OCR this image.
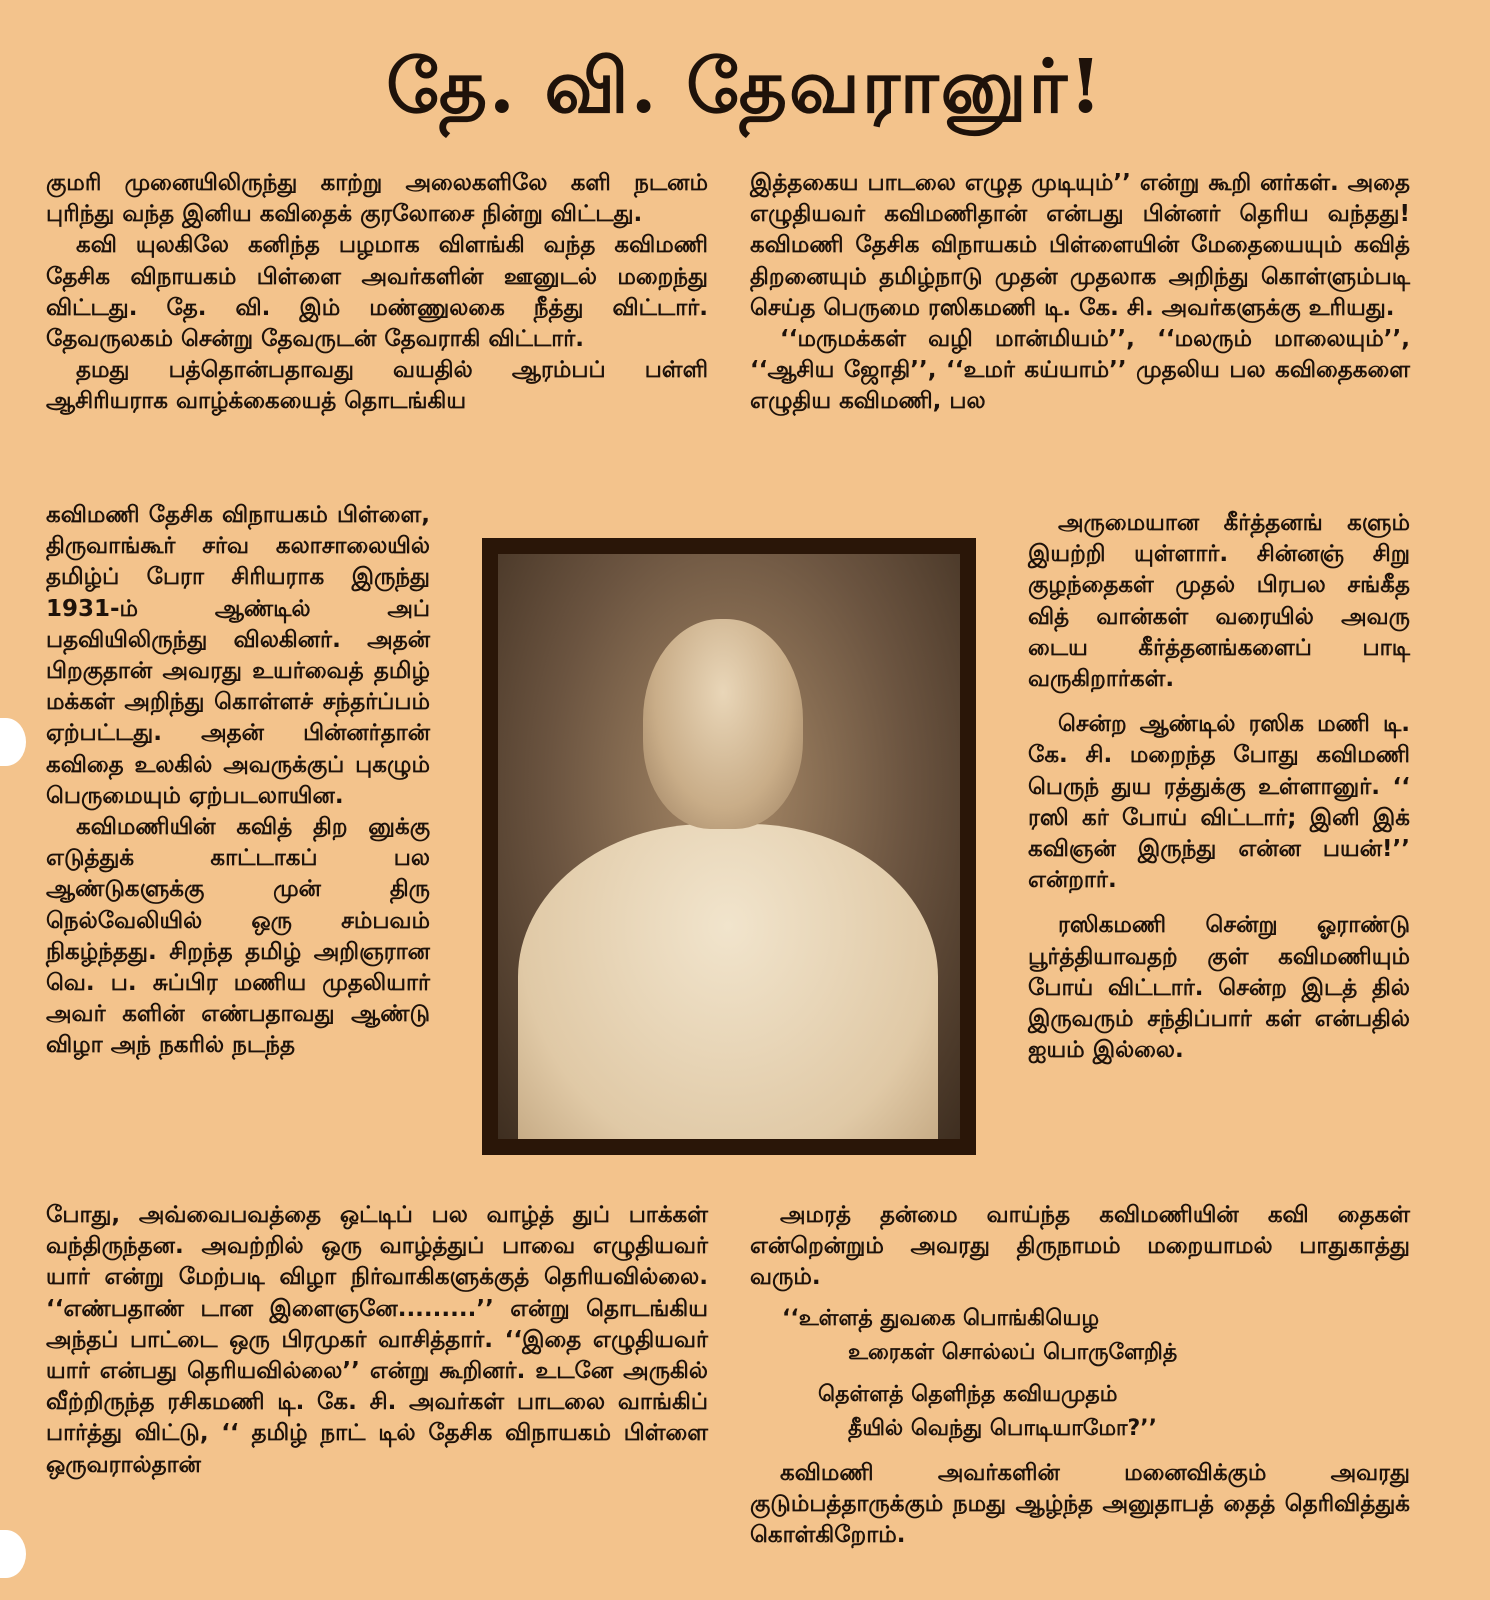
தே. வி. தேவரானுர்!

குமரி முனையிலிருந்து காற்று அலைகளிலே களி நடனம் புரிந்து வந்த இனிய கவிதைக் குரலோசை நின்று விட்டது.

கவி யுலகிலே கனிந்த பழமாக விளங்கி வந்த கவிமணி தேசிக விநாயகம் பிள்ளை அவர்களின் ஊனுடல் மறைந்து விட்டது. தே. வி. இம் மண்ணுலகை நீத்து விட்டார். தேவருலகம் சென்று தேவருடன் தேவராகி விட்டார்.

தமது பத்தொன்பதாவது வயதில் ஆரம்பப் பள்ளி ஆசிரியராக வாழ்க்கையைத் தொடங்கிய

கவிமணி தேசிக விநாயகம் பிள்ளை, திருவாங்கூர் சர்வ கலாசாலையில் தமிழ்ப் பேரா சிரியராக இருந்து 1931-ம் ஆண்டில் அப் பதவியிலிருந்து விலகினர். அதன் பிறகுதான் அவரது உயர்வைத் தமிழ் மக்கள் அறிந்து கொள்ளச் சந்தர்ப்பம் ஏற்பட்டது. அதன் பின்னர்தான் கவிதை உலகில் அவருக்குப் புகழும் பெருமையும் ஏற்படலாயின.

கவிமணியின் கவித் திற னுக்கு எடுத்துக் காட்டாகப் பல ஆண்டுகளுக்கு முன் திரு நெல்வேலியில் ஒரு சம்பவம் நிகழ்ந்தது. சிறந்த தமிழ் அறிஞரான வெ. ப. சுப்பிர மணிய முதலியார் அவர் களின் எண்பதாவது ஆண்டு விழா அந் நகரில் நடந்த

போது, அவ்வைபவத்தை ஒட்டிப் பல வாழ்த் துப் பாக்கள் வந்திருந்தன. அவற்றில் ஒரு வாழ்த்துப் பாவை எழுதியவர் யார் என்று மேற்படி விழா நிர்வாகிகளுக்குத் தெரியவில்லை. ‘‘எண்பதாண் டான இளைஞனே.........’’ என்று தொடங்கிய அந்தப் பாட்டை ஒரு பிரமுகர் வாசித்தார். ‘‘இதை எழுதியவர் யார் என்பது தெரியவில்லை’’ என்று கூறினர். உடனே அருகில் வீற்றிருந்த ரசிகமணி டி. கே. சி. அவர்கள் பாடலை வாங்கிப் பார்த்து விட்டு, ‘‘ தமிழ் நாட் டில் தேசிக விநாயகம் பிள்ளை ஒருவரால்தான்

இத்தகைய பாடலை எழுத முடியும்’’ என்று கூறி னர்கள். அதை எழுதியவர் கவிமணிதான் என்பது பின்னர் தெரிய வந்தது! கவிமணி தேசிக விநாயகம் பிள்ளையின் மேதையையும் கவித் திறனையும் தமிழ்நாடு முதன் முதலாக அறிந்து கொள்ளும்படி செய்த பெருமை ரஸிகமணி டி. கே. சி. அவர்களுக்கு உரியது.

‘‘மருமக்கள் வழி மான்மியம்’’, ‘‘மலரும் மாலையும்’’, ‘‘ஆசிய ஜோதி’’, ‘‘உமர் கய்யாம்’’ முதலிய பல கவிதைகளை எழுதிய கவிமணி, பல

அருமையான கீர்த்தனங் களும் இயற்றி யுள்ளார். சின்னஞ் சிறு குழந்தைகள் முதல் பிரபல சங்கீத வித் வான்கள் வரையில் அவரு டைய கீர்த்தனங்களைப் பாடி வருகிறார்கள்.

சென்ற ஆண்டில் ரஸிக மணி டி. கே. சி. மறைந்த போது கவிமணி பெருந் துய ரத்துக்கு உள்ளானுர். ‘‘ ரஸி கர் போய் விட்டார்; இனி இக் கவிஞன் இருந்து என்ன பயன்!’’ என்றார்.

ரஸிகமணி சென்று ஓராண்டு பூர்த்தியாவதற் குள் கவிமணியும் போய் விட்டார். சென்ற இடத் தில் இருவரும் சந்திப்பார் கள் என்பதில் ஐயம் இல்லை.

அமரத் தன்மை வாய்ந்த கவிமணியின் கவி தைகள் என்றென்றும் அவரது திருநாமம் மறையாமல் பாதுகாத்து வரும்.

‘‘உள்ளத் துவகை பொங்கியெழ
உரைகள் சொல்லப் பொருளேறித்
தெள்ளத் தெளிந்த கவியமுதம்
தீயில் வெந்து பொடியாமோ?’’

கவிமணி அவர்களின் மனைவிக்கும் அவரது குடும்பத்தாருக்கும் நமது ஆழ்ந்த அனுதாபத் தைத் தெரிவித்துக் கொள்கிறோம்.
